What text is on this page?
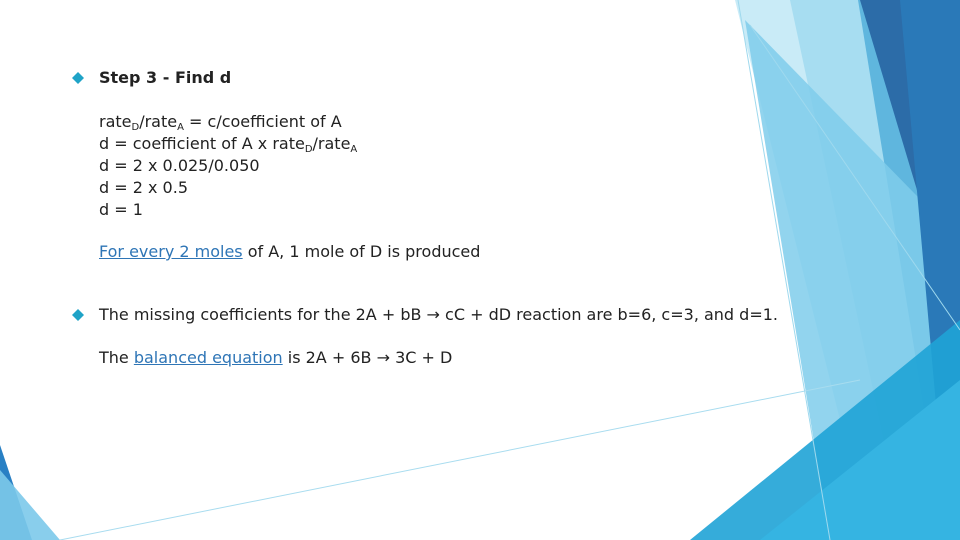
Step 3 - Find d
rate$_D$/rate$_A$ = c/coefficient of A
d = coefficient of A x rate$_D$/rate$_A$
d = 2 x 0.025/0.050
d = 2 x 0.5
d = 1
For every 2 moles of A, 1 mole of D is produced
The missing coefficients for the 2A + bB → cC + dD reaction are b=6, c=3, and d=1.
The balanced equation is 2A + 6B → 3C + D
